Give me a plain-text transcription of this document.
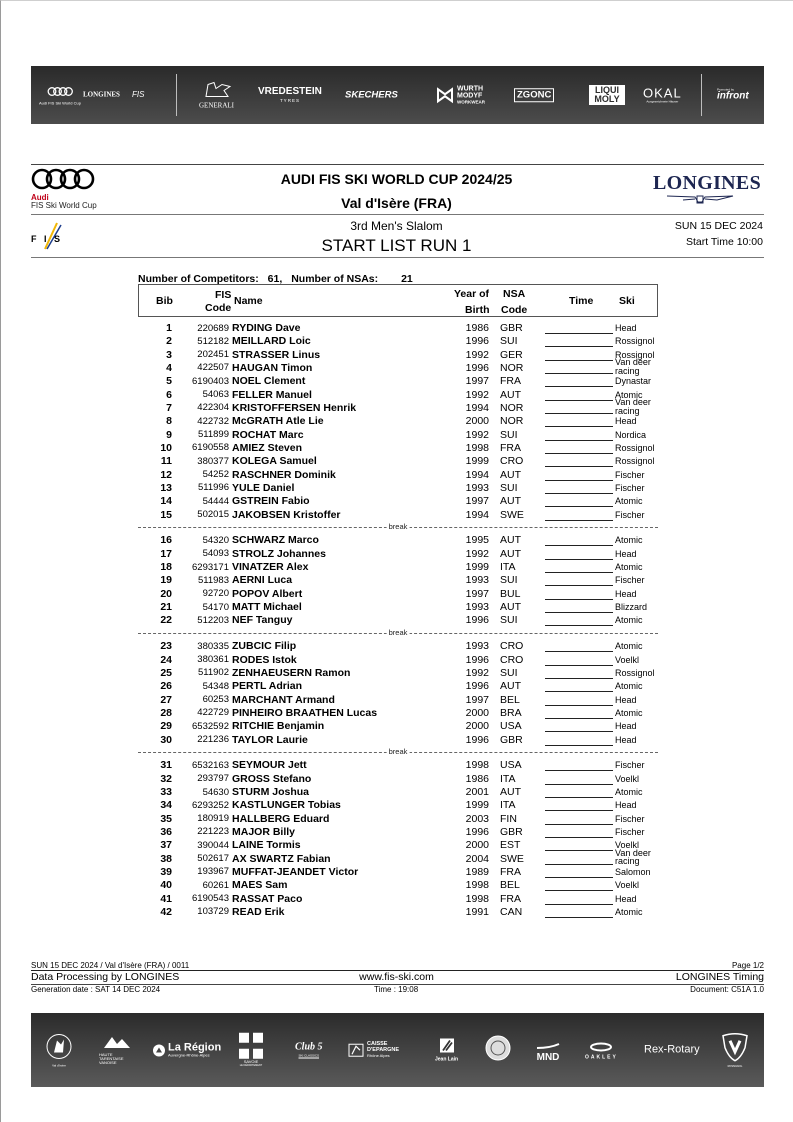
Audi FIS Ski World Cup
LONGINES FIS
GENERALI
VREDESTEIN
TYRES	SKECHERS
WURTH MODYF
WORKWEAR
ZGONC	LIQUI MOLY	OKAL
Ausgezeichnete Häuser
Promoted by
infront
Audi
FIS Ski World Cup
F I S
AUDI FIS SKI WORLD CUP 2024/25
Val d'Isère (FRA)
3rd Men's Slalom
START LIST RUN 1
LONGINES
SUN 15 DEC 2024
Start Time 10:00
Number of Competitors: 61, Number of NSAs: 21
Bib	FIS
Code
Name
Year of
Birth
NSA
Code
Time Ski
1	220689 RYDING Dave	1986 GBR	Head
2	512182 MEILLARD Loic	1996 SUI	Rossignol
3	202451 STRASSER Linus	1992 GER	Rossignol
4	422507 HAUGAN Timon	1996 NOR	Van deer
racing
5	6190403 NOEL Clement	1997 FRA	Dynastar
6	54063 FELLER Manuel	1992 AUT	Atomic
7	422304 KRISTOFFERSEN Henrik	1994 NOR	Van deer
racing
8	422732 McGRATH Atle Lie	2000 NOR	Head
9	511899 ROCHAT Marc	1992 SUI	Nordica
10	6190558 AMIEZ Steven	1998 FRA	Rossignol
11	380377 KOLEGA Samuel	1999 CRO	Rossignol
12	54252 RASCHNER Dominik	1994 AUT	Fischer
13	511996 YULE Daniel	1993 SUI	Fischer
14	54444 GSTREIN Fabio	1997 AUT	Atomic
15	502015 JAKOBSEN Kristoffer	1994 SWE	Fischer
break
16	54320 SCHWARZ Marco	1995 AUT	Atomic
17	54093 STROLZ Johannes	1992 AUT	Head
18	6293171 VINATZER Alex	1999 ITA	Atomic
19	511983 AERNI Luca	1993 SUI	Fischer
20	92720 POPOV Albert	1997 BUL	Head
21	54170 MATT Michael	1993 AUT	Blizzard
22	512203 NEF Tanguy	1996 SUI	Atomic
break
23	380335 ZUBCIC Filip	1993 CRO	Atomic
24	380361 RODES Istok	1996 CRO	Voelkl
25	511902 ZENHAEUSERN Ramon	1992 SUI	Rossignol
26	54348 PERTL Adrian	1996 AUT	Atomic
27	60253 MARCHANT Armand	1997 BEL	Head
28	422729 PINHEIRO BRAATHEN Lucas	2000 BRA	Atomic
29	6532592 RITCHIE Benjamin	2000 USA	Head
30	221236 TAYLOR Laurie	1996 GBR	Head
break
31	6532163 SEYMOUR Jett	1998 USA	Fischer
32	293797 GROSS Stefano	1986 ITA	Voelkl
33	54630 STURM Joshua	2001 AUT	Atomic
34	6293252 KASTLUNGER Tobias	1999 ITA	Head
35	180919 HALLBERG Eduard	2003 FIN	Fischer
36	221223 MAJOR Billy	1996 GBR	Fischer
37	390044 LAINE Tormis	2000 EST	Voelkl
38	502617 AX SWARTZ Fabian	2004 SWE	Van deer
racing
39	193967 MUFFAT-JEANDET Victor	1989 FRA	Salomon
40	60261 MAES Sam	1998 BEL	Voelkl
41	6190543 RASSAT Paco	1998 FRA	Head
42	103729 READ Erik	1991 CAN	Atomic
SUN 15 DEC 2024 / Val d'Isère (FRA) / 0011	Page 1/2
Data Processing by LONGINES	www.fis-ski.com	LONGINES Timing
Generation date : SAT 14 DEC 2024	Time : 19:08	Document: C51A 1.0
Val d'Isère
HAUTE TARENTAISE VANOISE
La Région
Auvergne-Rhône-Alpes
SAVOIE
LE DÉPARTEMENT
Club 5
SKI CLASSICS
CAISSE D'EPARGNE
Rhône Alpes
Jean Lain	MND	OAKLEY
Rex-Rotary
ROSSIGNOL
